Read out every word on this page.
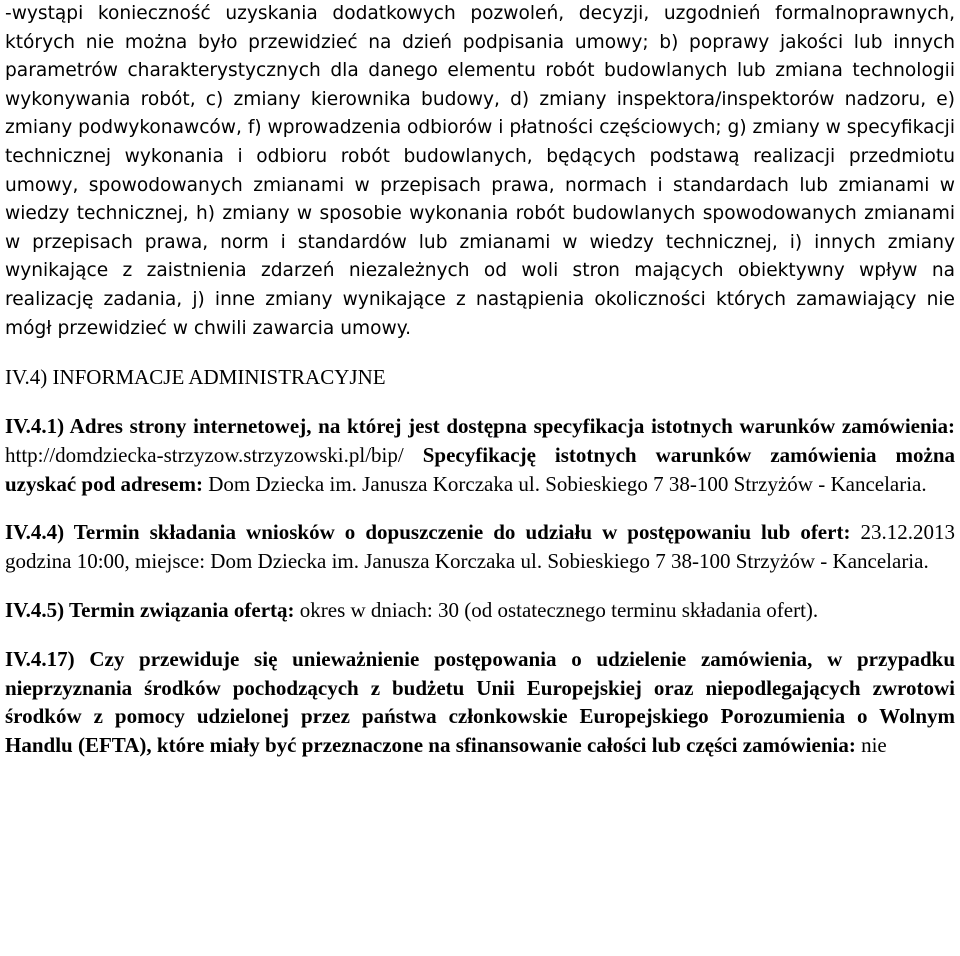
-wystąpi konieczność uzyskania dodatkowych pozwoleń, decyzji, uzgodnień formalnoprawnych, których nie można było przewidzieć na dzień podpisania umowy; b) poprawy jakości lub innych parametrów charakterystycznych dla danego elementu robót budowlanych lub zmiana technologii wykonywania robót, c) zmiany kierownika budowy, d) zmiany inspektora/inspektorów nadzoru, e) zmiany podwykonawców, f) wprowadzenia odbiorów i płatności częściowych; g) zmiany w specyfikacji technicznej wykonania i odbioru robót budowlanych, będących podstawą realizacji przedmiotu umowy, spowodowanych zmianami w przepisach prawa, normach i standardach lub zmianami w wiedzy technicznej, h) zmiany w sposobie wykonania robót budowlanych spowodowanych zmianami w przepisach prawa, norm i standardów lub zmianami w wiedzy technicznej, i) innych zmiany wynikające z zaistnienia zdarzeń niezależnych od woli stron mających obiektywny wpływ na realizację zadania, j) inne zmiany wynikające z nastąpienia okoliczności których zamawiający nie mógł przewidzieć w chwili zawarcia umowy.

IV.4) INFORMACJE ADMINISTRACYJNE

IV.4.1) Adres strony internetowej, na której jest dostępna specyfikacja istotnych warunków zamówienia: http://domdziecka-strzyzow.strzyzowski.pl/bip/ Specyfikację istotnych warunków zamówienia można uzyskać pod adresem: Dom Dziecka im. Janusza Korczaka ul. Sobieskiego 7 38-100 Strzyżów - Kancelaria.

IV.4.4) Termin składania wniosków o dopuszczenie do udziału w postępowaniu lub ofert: 23.12.2013 godzina 10:00, miejsce: Dom Dziecka im. Janusza Korczaka ul. Sobieskiego 7 38-100 Strzyżów - Kancelaria.

IV.4.5) Termin związania ofertą: okres w dniach: 30 (od ostatecznego terminu składania ofert).

IV.4.17) Czy przewiduje się unieważnienie postępowania o udzielenie zamówienia, w przypadku nieprzyznania środków pochodzących z budżetu Unii Europejskiej oraz niepodlegających zwrotowi środków z pomocy udzielonej przez państwa członkowskie Europejskiego Porozumienia o Wolnym Handlu (EFTA), które miały być przeznaczone na sfinansowanie całości lub części zamówienia: nie
